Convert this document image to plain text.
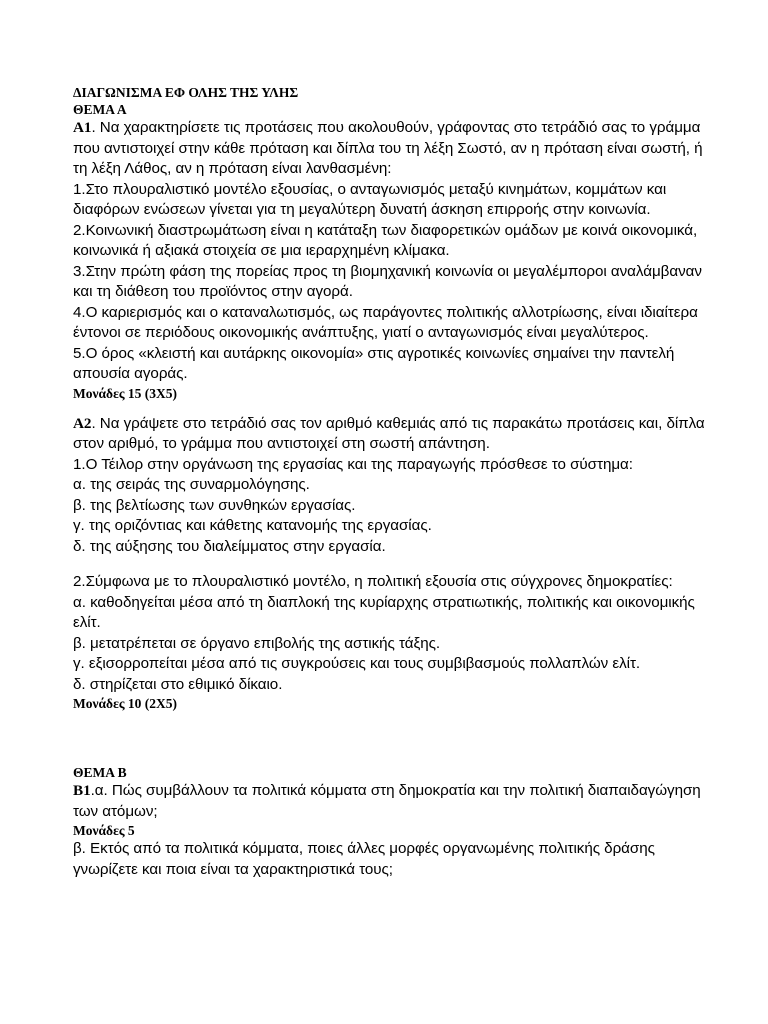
ΔΙΑΓΩΝΙΣΜΑ ΕΦ ΟΛΗΣ ΤΗΣ ΥΛΗΣ

ΘΕΜΑ Α

Α1. Να χαρακτηρίσετε τις προτάσεις που ακολουθούν, γράφοντας στο τετράδιό σας το γράμμα που αντιστοιχεί στην κάθε πρόταση και δίπλα του τη λέξη Σωστό, αν η πρόταση είναι σωστή, ή τη λέξη Λάθος, αν η πρόταση είναι λανθασμένη:

1.Στο πλουραλιστικό μοντέλο εξουσίας, ο ανταγωνισμός μεταξύ κινημάτων, κομμάτων και διαφόρων ενώσεων γίνεται για τη μεγαλύτερη δυνατή άσκηση επιρροής στην κοινωνία.

2.Κοινωνική διαστρωμάτωση είναι η κατάταξη των διαφορετικών ομάδων με κοινά οικονομικά, κοινωνικά ή αξιακά στοιχεία σε μια ιεραρχημένη κλίμακα.

3.Στην πρώτη φάση της πορείας προς τη βιομηχανική κοινωνία οι μεγαλέμποροι αναλάμβαναν και τη διάθεση του προϊόντος στην αγορά.

4.Ο καριερισμός και ο καταναλωτισμός, ως παράγοντες πολιτικής αλλοτρίωσης, είναι ιδιαίτερα έντονοι σε περιόδους οικονομικής ανάπτυξης, γιατί ο ανταγωνισμός είναι μεγαλύτερος.

5.Ο όρος «κλειστή και αυτάρκης οικονομία» στις αγροτικές κοινωνίες σημαίνει την παντελή απουσία αγοράς.

Μονάδες 15 (3Χ5)

Α2. Να γράψετε στο τετράδιό σας τον αριθμό καθεμιάς από τις παρακάτω προτάσεις και, δίπλα στον αριθμό, το γράμμα που αντιστοιχεί στη σωστή απάντηση.

1.Ο Τέιλορ στην οργάνωση της εργασίας και της παραγωγής πρόσθεσε το σύστημα:

α. της σειράς της συναρμολόγησης.

β. της βελτίωσης των συνθηκών εργασίας.

γ. της οριζόντιας και κάθετης κατανομής της εργασίας.

δ. της αύξησης του διαλείμματος στην εργασία.

2.Σύμφωνα με το πλουραλιστικό μοντέλο, η πολιτική εξουσία στις σύγχρονες δημοκρατίες:

α. καθοδηγείται μέσα από τη διαπλοκή της κυρίαρχης στρατιωτικής, πολιτικής και οικονομικής ελίτ.

β. μετατρέπεται σε όργανο επιβολής της αστικής τάξης.

γ. εξισορροπείται μέσα από τις συγκρούσεις και τους συμβιβασμούς πολλαπλών ελίτ.

δ. στηρίζεται στο εθιμικό δίκαιο.

Μονάδες 10 (2Χ5)

ΘΕΜΑ Β

Β1.α. Πώς συμβάλλουν τα πολιτικά κόμματα στη δημοκρατία και την πολιτική διαπαιδαγώγηση των ατόμων;

Μονάδες 5

β. Εκτός από τα πολιτικά κόμματα, ποιες άλλες μορφές οργανωμένης πολιτικής δράσης γνωρίζετε και ποια είναι τα χαρακτηριστικά τους;
